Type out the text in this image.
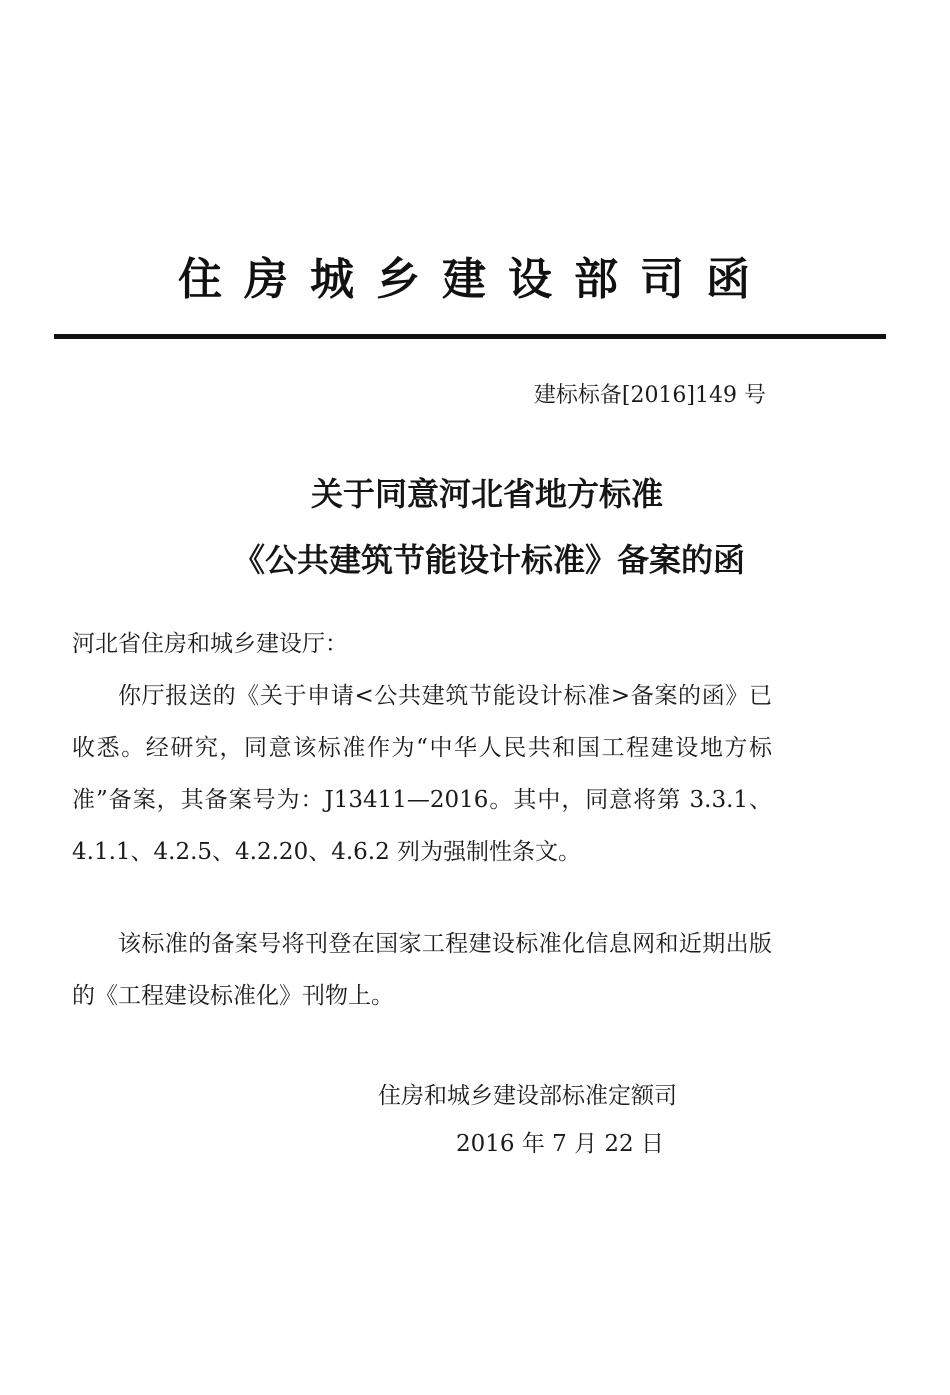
住房城乡建设部司函
建标标备[2016]149 号
关于同意河北省地方标准
《公共建筑节能设计标准》备案的函
河北省住房和城乡建设厅：
你厅报送的《关于申请<公共建筑节能设计标准>备案的函》已收悉。经研究，同意该标准作为“中华人民共和国工程建设地方标准”备案，其备案号为：J13411—2016。其中，同意将第 3.3.1、4.1.1、4.2.5、4.2.20、4.6.2 列为强制性条文。
该标准的备案号将刊登在国家工程建设标准化信息网和近期出版的《工程建设标准化》刊物上。
住房和城乡建设部标准定额司
2016 年 7 月 22 日
